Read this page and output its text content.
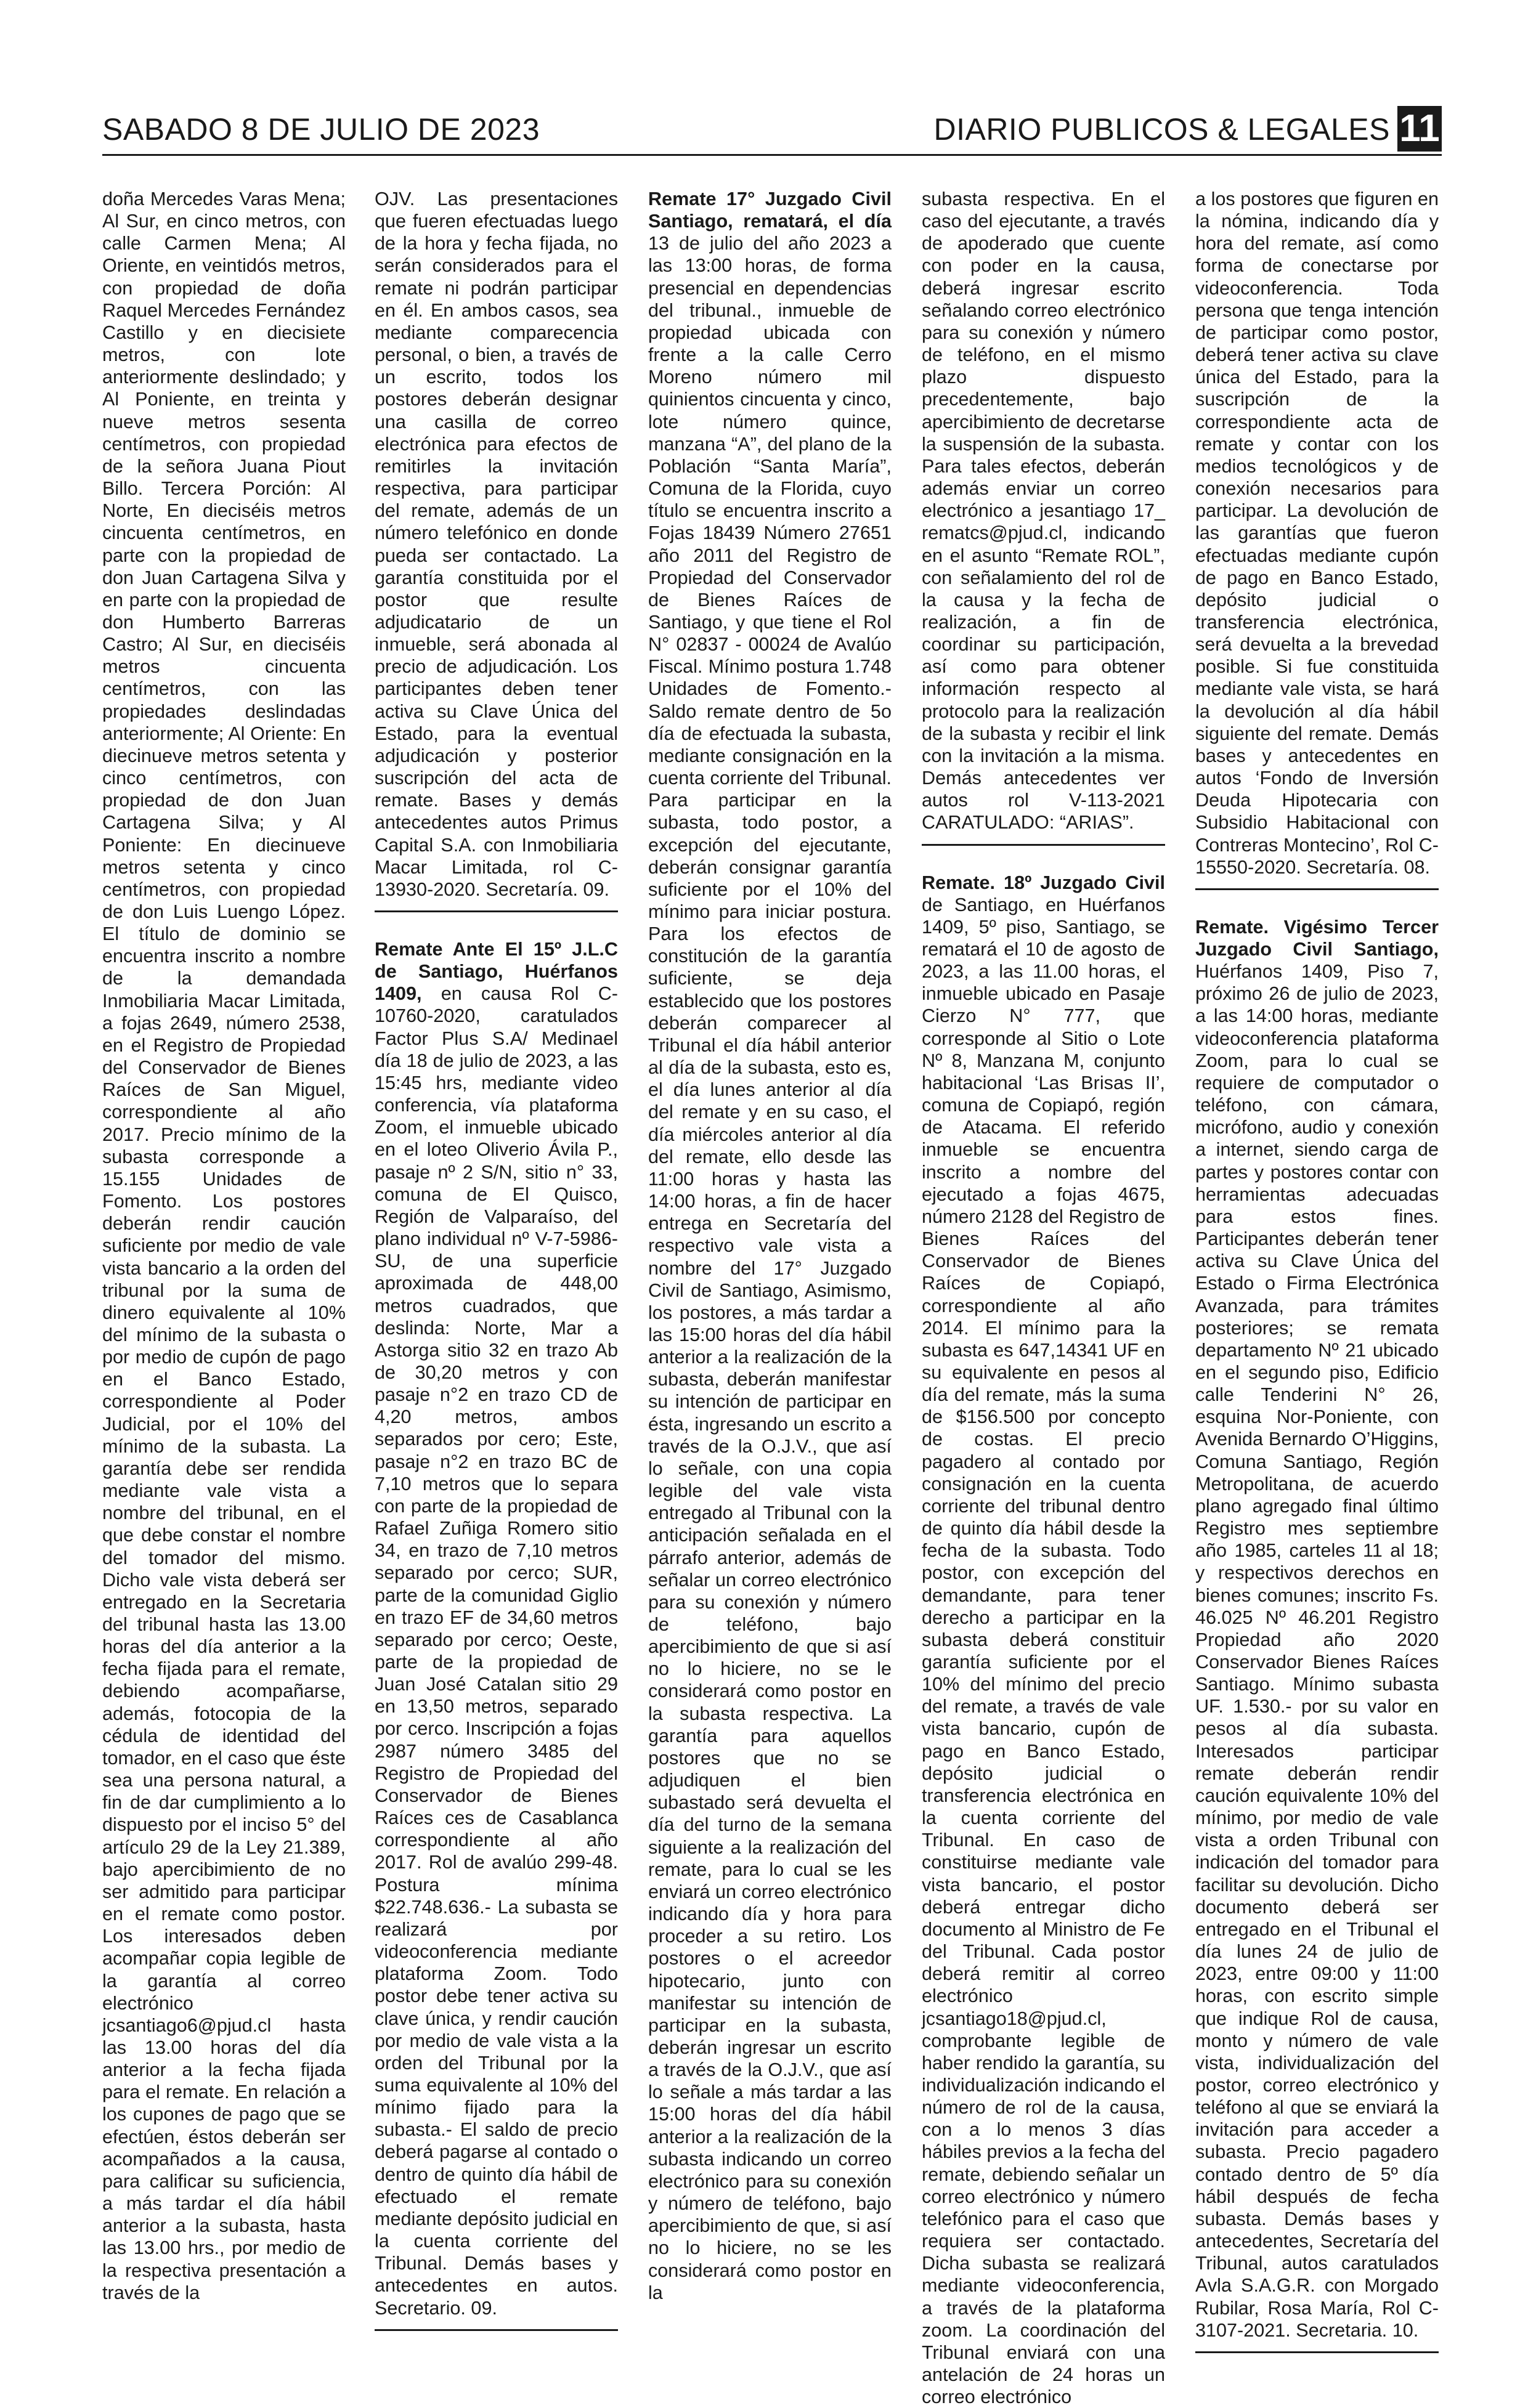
SABADO 8 DE JULIO DE 2023	DIARIO PUBLICOS & LEGALES 11

doña Mercedes Varas Mena; Al Sur, en cinco metros, con calle Carmen Mena; Al Oriente, en veintidós metros, con propiedad de doña Raquel Mercedes Fernández Castillo y en diecisiete metros, con lote anteriormente deslindado; y Al Poniente, en treinta y nueve metros sesenta centímetros, con propiedad de la señora Juana Piout Billo. Tercera Porción: Al Norte, En dieciséis metros cincuenta centímetros, en parte con la propiedad de don Juan Cartagena Silva y en parte con la propiedad de don Humberto Barreras Castro; Al Sur, en dieciséis metros cincuenta centímetros, con las propiedades deslindadas anteriormente; Al Oriente: En diecinueve metros setenta y cinco centímetros, con propiedad de don Juan Cartagena Silva; y Al Poniente: En diecinueve metros setenta y cinco centímetros, con propiedad de don Luis Luengo López. El título de dominio se encuentra inscrito a nombre de la demandada Inmobiliaria Macar Limitada, a fojas 2649, número 2538, en el Registro de Propiedad del Conservador de Bienes Raíces de San Miguel, correspondiente al año 2017. Precio mínimo de la subasta corresponde a 15.155 Unidades de Fomento. Los postores deberán rendir caución suficiente por medio de vale vista bancario a la orden del tribunal por la suma de dinero equivalente al 10% del mínimo de la subasta o por medio de cupón de pago en el Banco Estado, correspondiente al Poder Judicial, por el 10% del mínimo de la subasta. La garantía debe ser rendida mediante vale vista a nombre del tribunal, en el que debe constar el nombre del tomador del mismo. Dicho vale vista deberá ser entregado en la Secretaria del tribunal hasta las 13.00 horas del día anterior a la fecha fijada para el remate, debiendo acompañarse, además, fotocopia de la cédula de identidad del tomador, en el caso que éste sea una persona natural, a fin de dar cumplimiento a lo dispuesto por el inciso 5° del artículo 29 de la Ley 21.389, bajo apercibimiento de no ser admitido para participar en el remate como postor. Los interesados deben acompañar copia legible de la garantía al correo electrónico jcsantiago6@pjud.cl hasta las 13.00 horas del día anterior a la fecha fijada para el remate. En relación a los cupones de pago que se efectúen, éstos deberán ser acompañados a la causa, para calificar su suficiencia, a más tardar el día hábil anterior a la subasta, hasta las 13.00 hrs., por medio de la respectiva presentación a través de la

OJV. Las presentaciones que fueren efectuadas luego de la hora y fecha fijada, no serán considerados para el remate ni podrán participar en él. En ambos casos, sea mediante comparecencia personal, o bien, a través de un escrito, todos los postores deberán designar una casilla de correo electrónica para efectos de remitirles la invitación respectiva, para participar del remate, además de un número telefónico en donde pueda ser contactado. La garantía constituida por el postor que resulte adjudicatario de un inmueble, será abonada al precio de adjudicación. Los participantes deben tener activa su Clave Única del Estado, para la eventual adjudicación y posterior suscripción del acta de remate. Bases y demás antecedentes autos Primus Capital S.A. con Inmobiliaria Macar Limitada, rol C-13930-2020. Secretaría. 09.

Remate Ante El 15º J.L.C de Santiago, Huérfanos 1409, en causa Rol C- 10760-2020, caratulados Factor Plus S.A/ Medinael día 18 de julio de 2023, a las 15:45 hrs, mediante video conferencia, vía plataforma Zoom, el inmueble ubicado en el loteo Oliverio Ávila P., pasaje nº 2 S/N, sitio n° 33, comuna de El Quisco, Región de Valparaíso, del plano individual nº V-7-5986-SU, de una superficie aproximada de 448,00 metros cuadrados, que deslinda: Norte, Mar a Astorga sitio 32 en trazo Ab de 30,20 metros y con pasaje n°2 en trazo CD de 4,20 metros, ambos separados por cero; Este, pasaje n°2 en trazo BC de 7,10 metros que lo separa con parte de la propiedad de Rafael Zuñiga Romero sitio 34, en trazo de 7,10 metros separado por cerco; SUR, parte de la comunidad Giglio en trazo EF de 34,60 metros separado por cerco; Oeste, parte de la propiedad de Juan José Catalan sitio 29 en 13,50 metros, separado por cerco. Inscripción a fojas 2987 número 3485 del Registro de Propiedad del Conservador de Bienes Raíces ces de Casablanca correspondiente al año 2017. Rol de avalúo 299-48. Postura mínima $22.748.636.- La subasta se realizará por videoconferencia mediante plataforma Zoom. Todo postor debe tener activa su clave única, y rendir caución por medio de vale vista a la orden del Tribunal por la suma equivalente al 10% del mínimo fijado para la subasta.- El saldo de precio deberá pagarse al contado o dentro de quinto día hábil de efectuado el remate mediante depósito judicial en la cuenta corriente del Tribunal. Demás bases y antecedentes en autos. Secretario. 09.

Remate 17° Juzgado Civil Santiago, rematará, el día 13 de julio del año 2023 a las 13:00 horas, de forma presencial en dependencias del tribunal., inmueble de propiedad ubicada con frente a la calle Cerro Moreno número mil quinientos cincuenta y cinco, lote número quince, manzana “A”, del plano de la Población “Santa María”, Comuna de la Florida, cuyo título se encuentra inscrito a Fojas 18439 Número 27651 año 2011 del Registro de Propiedad del Conservador de Bienes Raíces de Santiago, y que tiene el Rol N° 02837 - 00024 de Avalúo Fiscal. Mínimo postura 1.748 Unidades de Fomento.- Saldo remate dentro de 5o día de efectuada la subasta, mediante consignación en la cuenta corriente del Tribunal. Para participar en la subasta, todo postor, a excepción del ejecutante, deberán consignar garantía suficiente por el 10% del mínimo para iniciar postura. Para los efectos de constitución de la garantía suficiente, se deja establecido que los postores deberán comparecer al Tribunal el día hábil anterior al día de la subasta, esto es, el día lunes anterior al día del remate y en su caso, el día miércoles anterior al día del remate, ello desde las 11:00 horas y hasta las 14:00 horas, a fin de hacer entrega en Secretaría del respectivo vale vista a nombre del 17° Juzgado Civil de Santiago, Asimismo, los postores, a más tardar a las 15:00 horas del día hábil anterior a la realización de la subasta, deberán manifestar su intención de participar en ésta, ingresando un escrito a través de la O.J.V., que así lo señale, con una copia legible del vale vista entregado al Tribunal con la anticipación señalada en el párrafo anterior, además de señalar un correo electrónico para su conexión y número de teléfono, bajo apercibimiento de que si así no lo hiciere, no se le considerará como postor en la subasta respectiva. La garantía para aquellos postores que no se adjudiquen el bien subastado será devuelta el día del turno de la semana siguiente a la realización del remate, para lo cual se les enviará un correo electrónico indicando día y hora para proceder a su retiro. Los postores o el acreedor hipotecario, junto con manifestar su intención de participar en la subasta, deberán ingresar un escrito a través de la O.J.V., que así lo señale a más tardar a las 15:00 horas del día hábil anterior a la realización de la subasta indicando un correo electrónico para su conexión y número de teléfono, bajo apercibimiento de que, si así no lo hiciere, no se les considerará como postor en la

subasta respectiva. En el caso del ejecutante, a través de apoderado que cuente con poder en la causa, deberá ingresar escrito señalando correo electrónico para su conexión y número de teléfono, en el mismo plazo dispuesto precedentemente, bajo apercibimiento de decretarse la suspensión de la subasta. Para tales efectos, deberán además enviar un correo electrónico a jesantiago 17_ rematcs@pjud.cl, indicando en el asunto “Remate ROL”, con señalamiento del rol de la causa y la fecha de realización, a fin de coordinar su participación, así como para obtener información respecto al protocolo para la realización de la subasta y recibir el link con la invitación a la misma. Demás antecedentes ver autos rol V-113-2021 CARATULADO: “ARIAS”.

Remate. 18º Juzgado Civil de Santiago, en Huérfanos 1409, 5º piso, Santiago, se rematará el 10 de agosto de 2023, a las 11.00 horas, el inmueble ubicado en Pasaje Cierzo N° 777, que corresponde al Sitio o Lote Nº 8, Manzana M, conjunto habitacional ‘Las Brisas II’, comuna de Copiapó, región de Atacama. El referido inmueble se encuentra inscrito a nombre del ejecutado a fojas 4675, número 2128 del Registro de Bienes Raíces del Conservador de Bienes Raíces de Copiapó, correspondiente al año 2014. El mínimo para la subasta es 647,14341 UF en su equivalente en pesos al día del remate, más la suma de $156.500 por concepto de costas. El precio pagadero al contado por consignación en la cuenta corriente del tribunal dentro de quinto día hábil desde la fecha de la subasta. Todo postor, con excepción del demandante, para tener derecho a participar en la subasta deberá constituir garantía suficiente por el 10% del mínimo del precio del remate, a través de vale vista bancario, cupón de pago en Banco Estado, depósito judicial o transferencia electrónica en la cuenta corriente del Tribunal. En caso de constituirse mediante vale vista bancario, el postor deberá entregar dicho documento al Ministro de Fe del Tribunal. Cada postor deberá remitir al correo electrónico jcsantiago18@pjud.cl, comprobante legible de haber rendido la garantía, su individualización indicando el número de rol de la causa, con a lo menos 3 días hábiles previos a la fecha del remate, debiendo señalar un correo electrónico y número telefónico para el caso que requiera ser contactado. Dicha subasta se realizará mediante videoconferencia, a través de la plataforma zoom. La coordinación del Tribunal enviará con una antelación de 24 horas un correo electrónico

a los postores que figuren en la nómina, indicando día y hora del remate, así como forma de conectarse por videoconferencia. Toda persona que tenga intención de participar como postor, deberá tener activa su clave única del Estado, para la suscripción de la correspondiente acta de remate y contar con los medios tecnológicos y de conexión necesarios para participar. La devolución de las garantías que fueron efectuadas mediante cupón de pago en Banco Estado, depósito judicial o transferencia electrónica, será devuelta a la brevedad posible. Si fue constituida mediante vale vista, se hará la devolución al día hábil siguiente del remate. Demás bases y antecedentes en autos ‘Fondo de Inversión Deuda Hipotecaria con Subsidio Habitacional con Contreras Montecino’, Rol C-15550-2020. Secretaría. 08.

Remate. Vigésimo Tercer Juzgado Civil Santiago, Huérfanos 1409, Piso 7, próximo 26 de julio de 2023, a las 14:00 horas, mediante videoconferencia plataforma Zoom, para lo cual se requiere de computador o teléfono, con cámara, micrófono, audio y conexión a internet, siendo carga de partes y postores contar con herramientas adecuadas para estos fines. Participantes deberán tener activa su Clave Única del Estado o Firma Electrónica Avanzada, para trámites posteriores; se remata departamento Nº 21 ubicado en el segundo piso, Edificio calle Tenderini N° 26, esquina Nor-Poniente, con Avenida Bernardo O’Higgins, Comuna Santiago, Región Metropolitana, de acuerdo plano agregado final último Registro mes septiembre año 1985, carteles 11 al 18; y respectivos derechos en bienes comunes; inscrito Fs. 46.025 Nº 46.201 Registro Propiedad año 2020 Conservador Bienes Raíces Santiago. Mínimo subasta UF. 1.530.- por su valor en pesos al día subasta. Interesados participar remate deberán rendir caución equivalente 10% del mínimo, por medio de vale vista a orden Tribunal con indicación del tomador para facilitar su devolución. Dicho documento deberá ser entregado en el Tribunal el día lunes 24 de julio de 2023, entre 09:00 y 11:00 horas, con escrito simple que indique Rol de causa, monto y número de vale vista, individualización del postor, correo electrónico y teléfono al que se enviará la invitación para acceder a subasta. Precio pagadero contado dentro de 5º día hábil después de fecha subasta. Demás bases y antecedentes, Secretaría del Tribunal, autos caratulados Avla S.A.G.R. con Morgado Rubilar, Rosa María, Rol C-3107-2021. Secretaria. 10.
